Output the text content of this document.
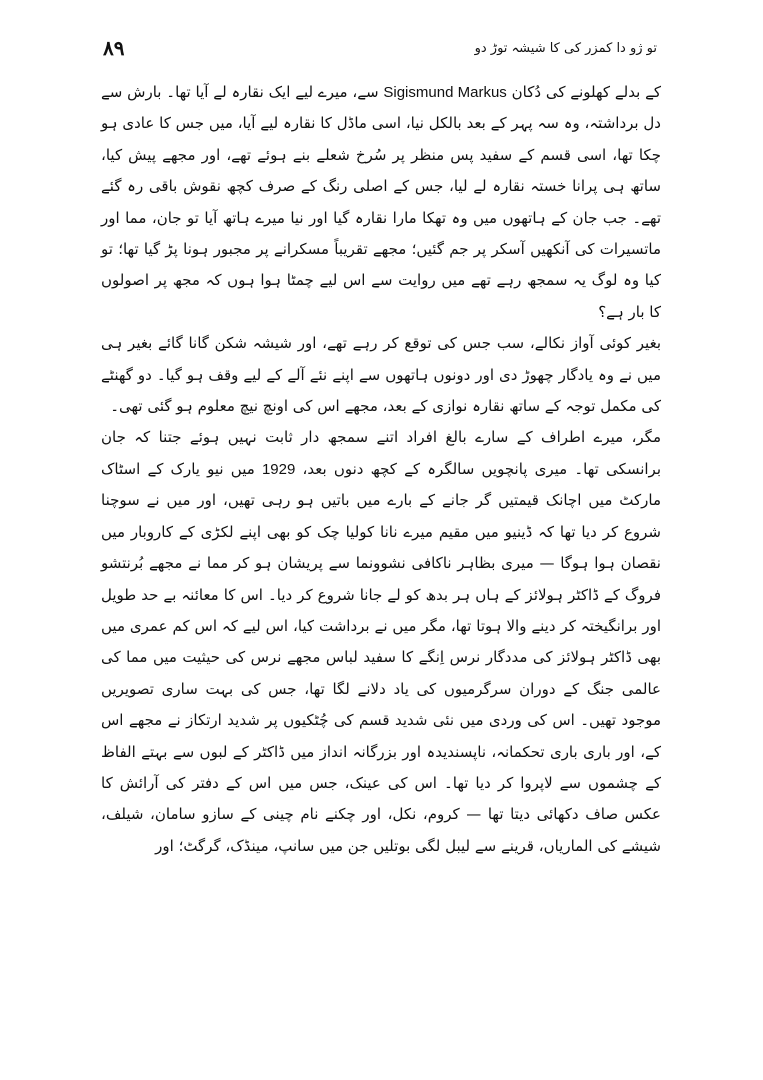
٨٩	تو ژو دا کمزر کی کا شیشہ توڑ دو

کے بدلے کھلونے کی دُکان Sigismund Markus سے، میرے لیے ایک نقارہ لے آیا تھا۔ بارش سے دل برداشتہ، وہ سہ پہر کے بعد بالکل نیا، اسی ماڈل کا نقارہ لیے آیا، میں جس کا عادی ہو چکا تھا، اسی قسم کے سفید پس منظر پر سُرخ شعلے بنے ہوئے تھے، اور مجھے پیش کیا، ساتھ ہی پرانا خستہ نقارہ لے لیا، جس کے اصلی رنگ کے صرف کچھ نقوش باقی رہ گئے تھے۔ جب جان کے ہاتھوں میں وہ تھکا مارا نقارہ گیا اور نیا میرے ہاتھ آیا تو جان، مما اور ماتسیرات کی آنکھیں آسکر پر جم گئیں؛ مجھے تقریباً مسکرانے پر مجبور ہونا پڑ گیا تھا؛ تو کیا وہ لوگ یہ سمجھ رہے تھے میں روایت سے اس لیے چمٹا ہوا ہوں کہ مجھ پر اصولوں کا بار ہے؟

بغیر کوئی آواز نکالے، سب جس کی توقع کر رہے تھے، اور شیشہ شکن گانا گائے بغیر ہی میں نے وہ یادگار چھوڑ دی اور دونوں ہاتھوں سے اپنے نئے آلے کے لیے وقف ہو گیا۔ دو گھنٹے کی مکمل توجہ کے ساتھ نقارہ نوازی کے بعد، مجھے اس کی اونچ نیچ معلوم ہو گئی تھی۔

مگر، میرے اطراف کے سارے بالغ افراد اتنے سمجھ دار ثابت نہیں ہوئے جتنا کہ جان برانسکی تھا۔ میری پانچویں سالگرہ کے کچھ دنوں بعد، 1929 میں نیو یارک کے اسٹاک مارکٹ میں اچانک قیمتیں گر جانے کے بارے میں باتیں ہو رہی تھیں، اور میں نے سوچنا شروع کر دیا تھا کہ ڈینیو میں مقیم میرے نانا کولیا چک کو بھی اپنے لکڑی کے کاروبار میں نقصان ہوا ہوگا — میری بظاہر ناکافی نشوونما سے پریشان ہو کر مما نے مجھے بُرنتشو فروگ کے ڈاکٹر ہولائز کے ہاں ہر بدھ کو لے جانا شروع کر دیا۔ اس کا معائنہ بے حد طویل اور برانگیختہ کر دینے والا ہوتا تھا، مگر میں نے برداشت کیا، اس لیے کہ اس کم عمری میں بھی ڈاکٹر ہولائز کی مددگار نرس اِنگے کا سفید لباس مجھے نرس کی حیثیت میں مما کی عالمی جنگ کے دوران سرگرمیوں کی یاد دلانے لگا تھا، جس کی بہت ساری تصویریں موجود تھیں۔ اس کی وردی میں نئی شدید قسم کی چُٹکیوں پر شدید ارتکاز نے مجھے اس کے، اور باری باری تحکمانہ، ناپسندیدہ اور بزرگانہ انداز میں ڈاکٹر کے لبوں سے بہتے الفاظ کے چشموں سے لاپروا کر دیا تھا۔ اس کی عینک، جس میں اس کے دفتر کی آرائش کا عکس صاف دکھائی دیتا تھا — کروم، نکل، اور چکنے نام چینی کے سازو سامان، شیلف، شیشے کی الماریاں، قرینے سے لیبل لگی بوتلیں جن میں سانپ، مینڈک، گرگٹ؛ اور
